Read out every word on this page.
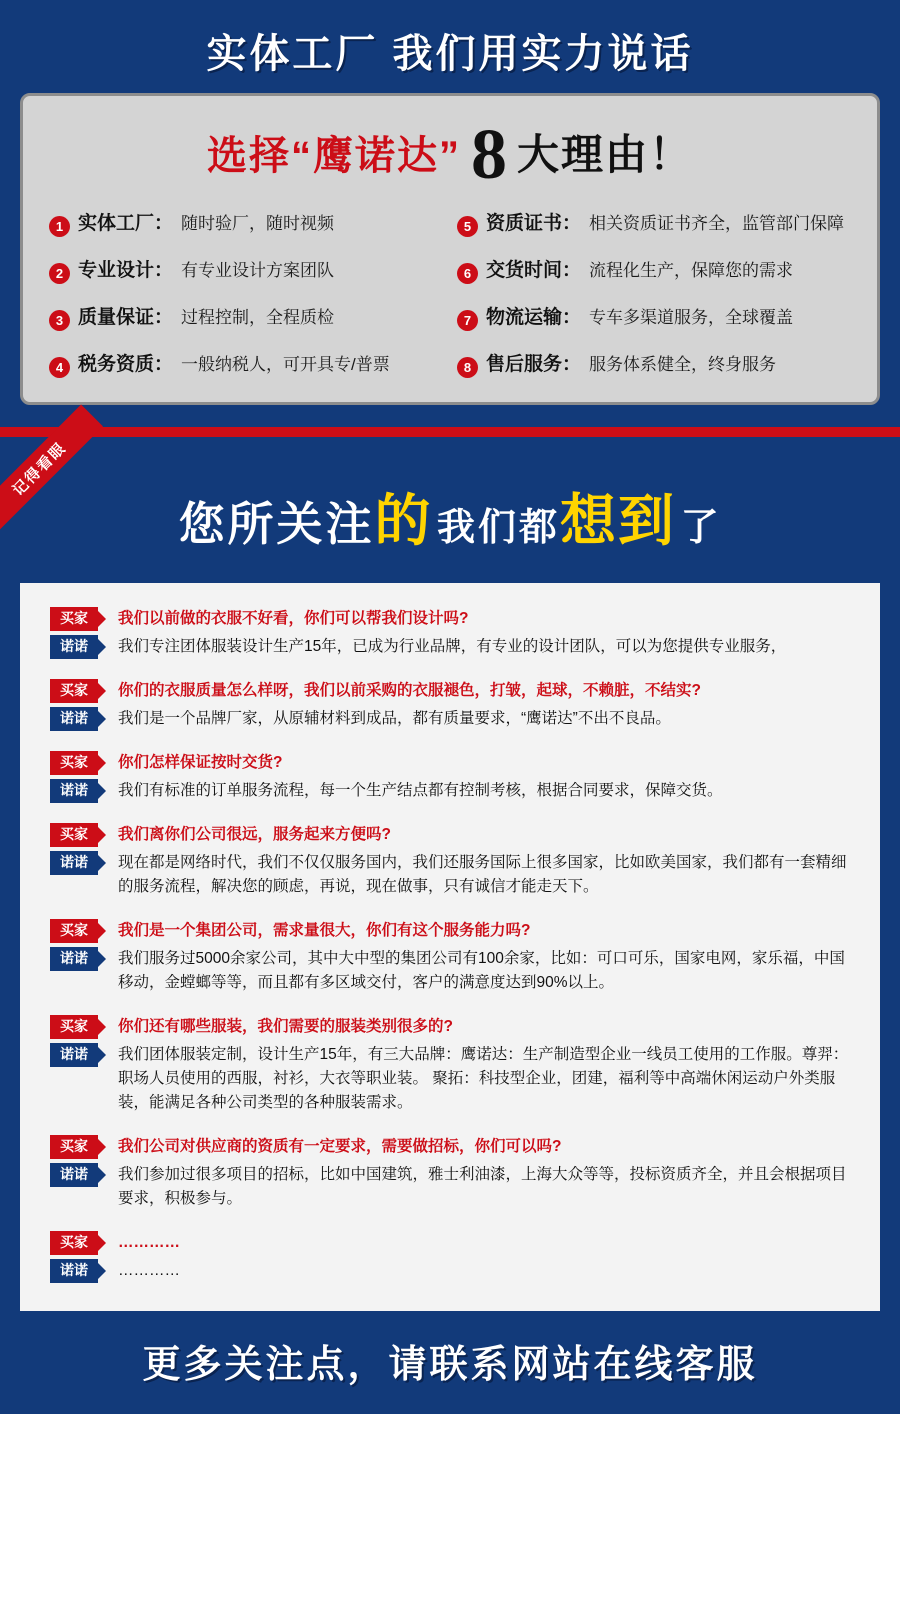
实体工厂 我们用实力说话
选择“鹰诺达” 8 大理由！
1 实体工厂： 随时验厂，随时视频	5 资质证书： 相关资质证书齐全，监管部门保障
2 专业设计： 有专业设计方案团队	6 交货时间： 流程化生产，保障您的需求
3 质量保证： 过程控制，全程质检	7 物流运输： 专车多渠道服务，全球覆盖
4 税务资质： 一般纳税人，可开具专/普票	8 售后服务： 服务体系健全，终身服务
记得看眼
您所关注的 我们都想到 了
买家	我们以前做的衣服不好看，你们可以帮我们设计吗?
诺诺	我们专注团体服装设计生产15年，已成为行业品牌，有专业的设计团队，可以为您提供专业服务，
买家	你们的衣服质量怎么样呀，我们以前采购的衣服褪色，打皱，起球，不赖脏，不结实?
诺诺	我们是一个品牌厂家，从原辅材料到成品，都有质量要求，“鹰诺达”不出不良品。
买家	你们怎样保证按时交货?
诺诺	我们有标准的订单服务流程，每一个生产结点都有控制考核，根据合同要求，保障交货。
买家	我们离你们公司很远，服务起来方便吗?
诺诺	现在都是网络时代，我们不仅仅服务国内，我们还服务国际上很多国家，比如欧美国家，我们都有一套精细的服务流程，解决您的顾虑，再说，现在做事，只有诚信才能走天下。
买家	我们是一个集团公司，需求量很大，你们有这个服务能力吗?
诺诺	我们服务过5000余家公司，其中大中型的集团公司有100余家，比如：可口可乐，国家电网，家乐福，中国移动，金螳螂等等，而且都有多区域交付，客户的满意度达到90%以上。
买家	你们还有哪些服装，我们需要的服装类别很多的?
诺诺	我们团体服装定制，设计生产15年，有三大品牌：鹰诺达：生产制造型企业一线员工使用的工作服。尊羿：职场人员使用的西服，衬衫，大衣等职业装。 聚拓：科技型企业，团建，福利等中高端休闲运动户外类服装，能满足各种公司类型的各种服装需求。
买家	我们公司对供应商的资质有一定要求，需要做招标，你们可以吗?
诺诺	我们参加过很多项目的招标，比如中国建筑，雅士利油漆，上海大众等等，投标资质齐全，并且会根据项目要求，积极参与。
买家	…………
诺诺	…………
更多关注点，请联系网站在线客服
